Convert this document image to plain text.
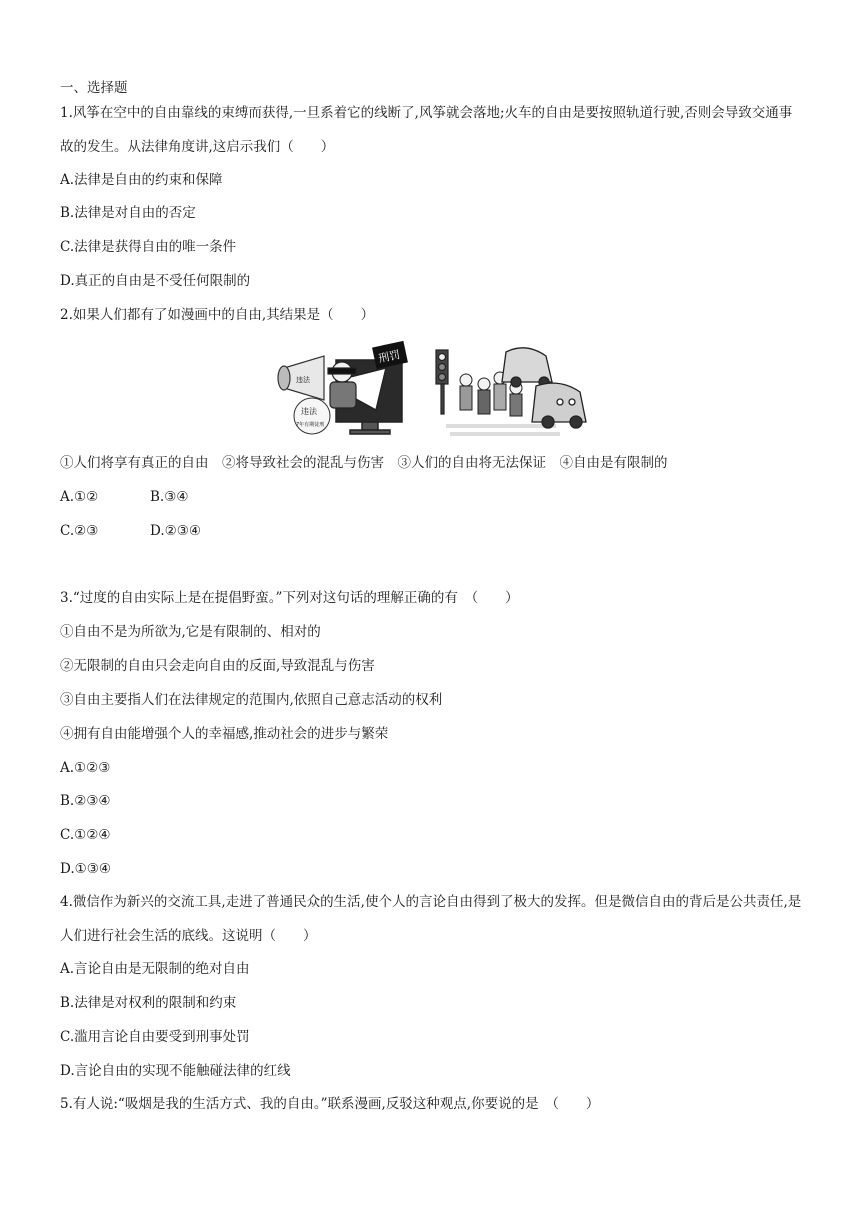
一、选择题
1.风筝在空中的自由靠线的束缚而获得,一旦系着它的线断了,风筝就会落地;火车的自由是要按照轨道行驶,否则会导致交通事故的发生。从法律角度讲,这启示我们（　　）
A.法律是自由的约束和保障
B.法律是对自由的否定
C.法律是获得自由的唯一条件
D.真正的自由是不受任何限制的
2.如果人们都有了如漫画中的自由,其结果是（　　）
刑罚
违法
7年有期徒刑
违法
①人们将享有真正的自由　②将导致社会的混乱与伤害　③人们的自由将无法保证　④自由是有限制的
A.①②	B.③④
C.②③	D.②③④
3.“过度的自由实际上是在提倡野蛮。”下列对这句话的理解正确的有　（　　）
①自由不是为所欲为,它是有限制的、相对的
②无限制的自由只会走向自由的反面,导致混乱与伤害
③自由主要指人们在法律规定的范围内,依照自己意志活动的权利
④拥有自由能增强个人的幸福感,推动社会的进步与繁荣
A.①②③
B.②③④
C.①②④
D.①③④
4.微信作为新兴的交流工具,走进了普通民众的生活,使个人的言论自由得到了极大的发挥。但是微信自由的背后是公共责任,是人们进行社会生活的底线。这说明（　　）
A.言论自由是无限制的绝对自由
B.法律是对权利的限制和约束
C.滥用言论自由要受到刑事处罚
D.言论自由的实现不能触碰法律的红线
5.有人说:“吸烟是我的生活方式、我的自由。”联系漫画,反驳这种观点,你要说的是　（　　）
